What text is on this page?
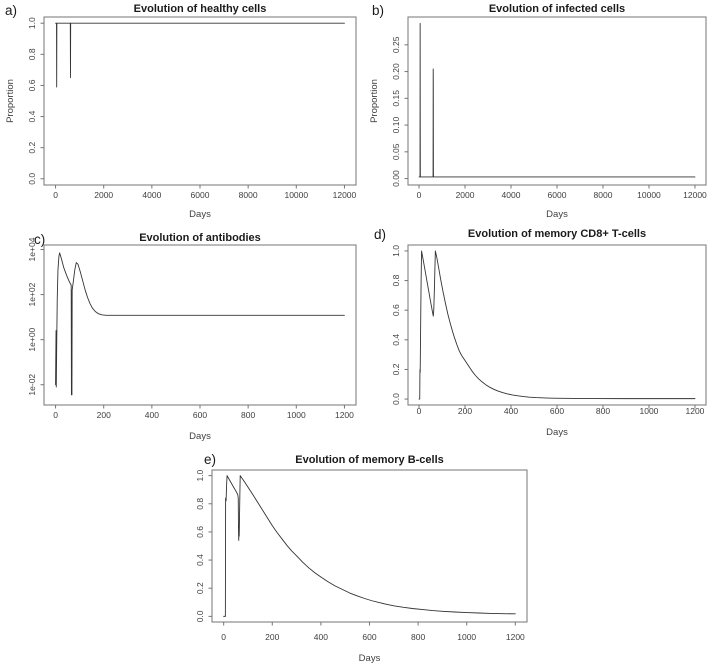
a)	Evolution of healthy cells
0	2000	4000	6000	8000	10000	12000
0.0
0.2
0.4
0.6
0.8
1.0
Days
Proportion
b)	Evolution of infected cells
0	2000	4000	6000	8000	10000	12000
0.00
0.05
0.10
0.15
0.20
0.25
Days
Proportion
c)	Evolution of antibodies
0	200	400	600	800	1000	1200
1e-02
1e+00
1e+02
1e+04
Days
d)	Evolution of memory CD8+ T-cells
0	200	400	600	800	1000	1200
0.0
0.2
0.4
0.6
0.8
1.0
Days
e)	Evolution of memory B-cells
0	200	400	600	800	1000	1200
0.0
0.2
0.4
0.6
0.8
1.0
Days
